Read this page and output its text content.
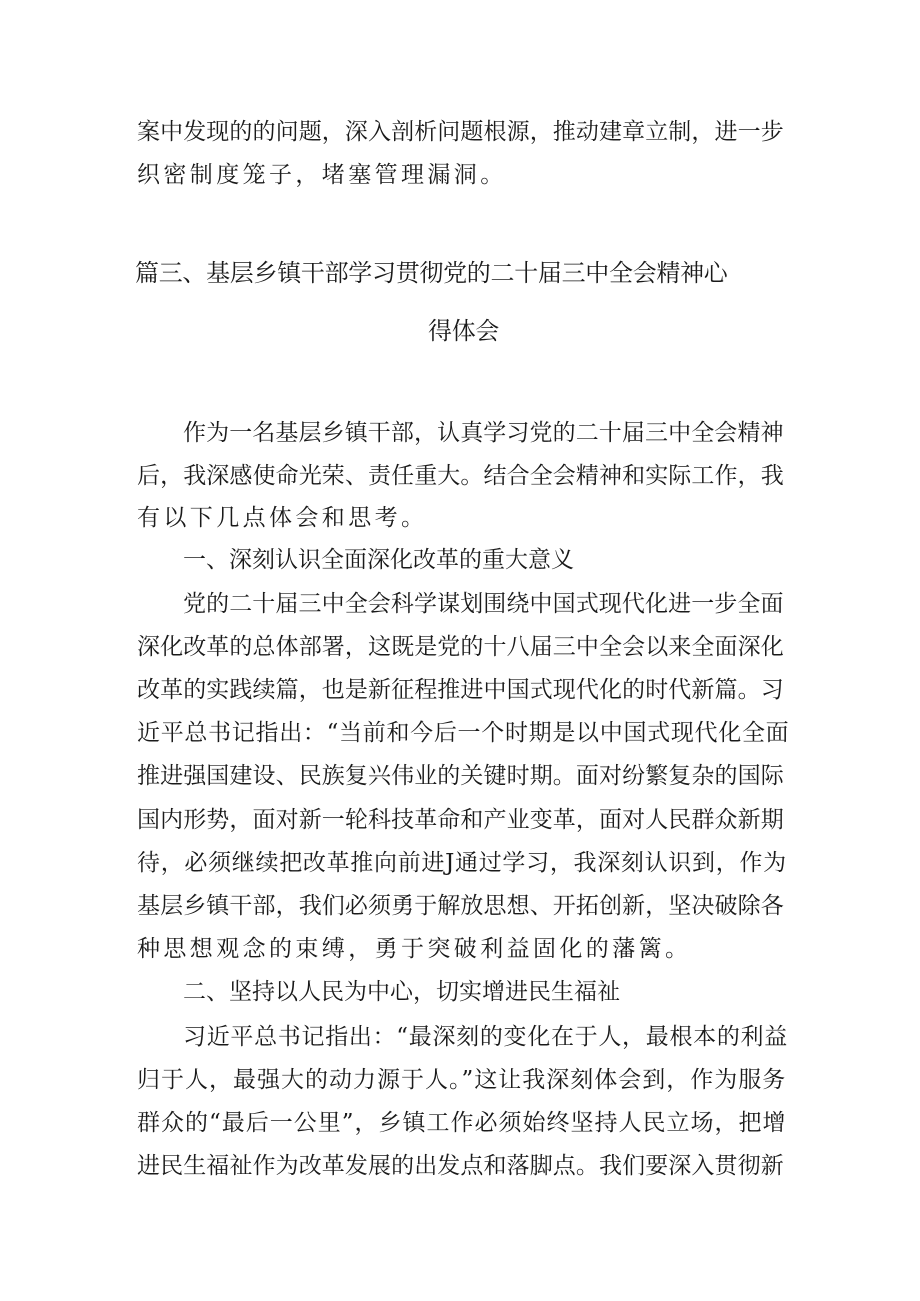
案中发现的的问题，深入剖析问题根源，推动建章立制，进一步
织密制度笼子，堵塞管理漏洞。
篇三、基层乡镇干部学习贯彻党的二十届三中全会精神心
得体会
作为一名基层乡镇干部，认真学习党的二十届三中全会精神
后，我深感使命光荣、责任重大。结合全会精神和实际工作，我
有以下几点体会和思考。
一、深刻认识全面深化改革的重大意义
党的二十届三中全会科学谋划围绕中国式现代化进一步全面
深化改革的总体部署，这既是党的十八届三中全会以来全面深化
改革的实践续篇，也是新征程推进中国式现代化的时代新篇。习
近平总书记指出：“当前和今后一个时期是以中国式现代化全面
推进强国建设、民族复兴伟业的关键时期。面对纷繁复杂的国际
国内形势，面对新一轮科技革命和产业变革，面对人民群众新期
待，必须继续把改革推向前进J通过学习，我深刻认识到，作为
基层乡镇干部，我们必须勇于解放思想、开拓创新，坚决破除各
种思想观念的束缚，勇于突破利益固化的藩篱。
二、坚持以人民为中心，切实增进民生福祉
习近平总书记指出：“最深刻的变化在于人，最根本的利益
归于人，最强大的动力源于人。”这让我深刻体会到，作为服务
群众的“最后一公里”，乡镇工作必须始终坚持人民立场，把增
进民生福祉作为改革发展的出发点和落脚点。我们要深入贯彻新
